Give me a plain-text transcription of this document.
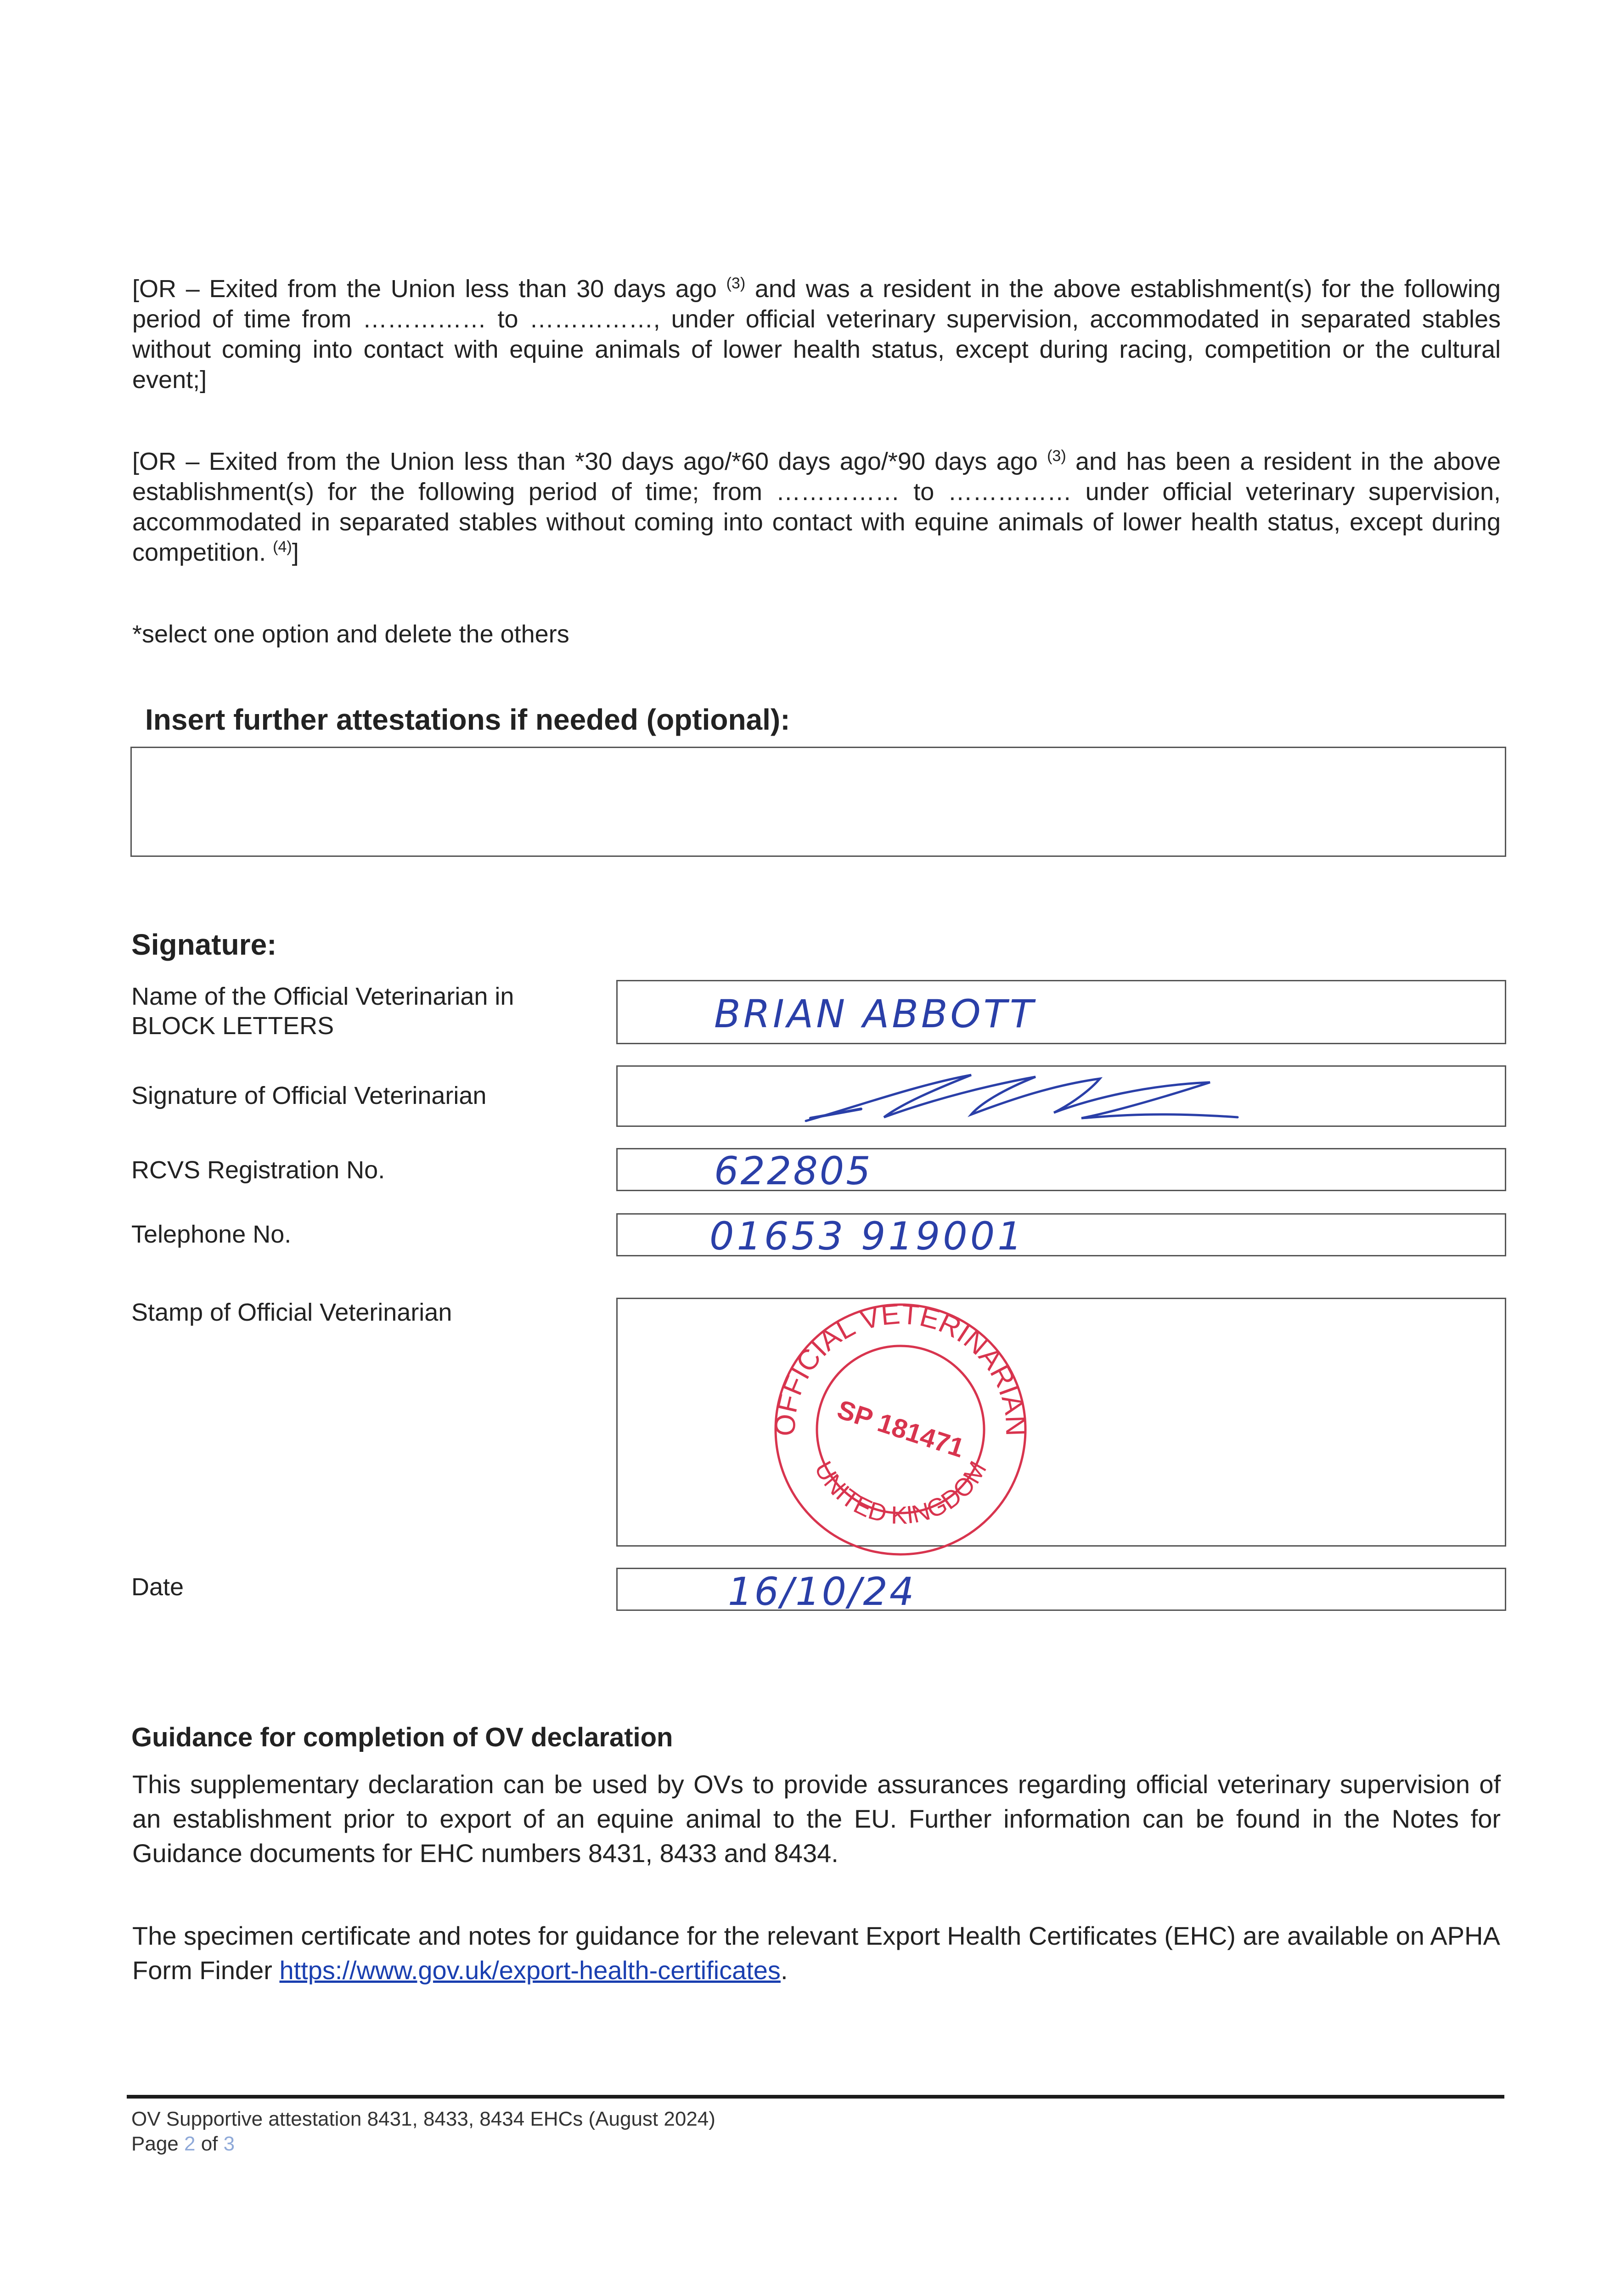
[OR – Exited from the Union less than 30 days ago $^{(3)}$ and was a resident in the above establishment(s) for the following period of time from …………… to ……………, under official veterinary supervision, accommodated in separated stables without coming into contact with equine animals of lower health status, except during racing, competition or the cultural event;]

[OR – Exited from the Union less than *30 days ago/*60 days ago/*90 days ago $^{(3)}$ and has been a resident in the above establishment(s) for the following period of time; from …………… to …………… under official veterinary supervision, accommodated in separated stables without coming into contact with equine animals of lower health status, except during competition. $^{(4)}$]

*select one option and delete the others

Insert further attestations if needed (optional):
Signature:
Name of the Official Veterinarian in BLOCK LETTERS	BRIAN ABBOTT
Signature of Official Veterinarian
RCVS Registration No.	622805
Telephone No.	01653 919001
Stamp of Official Veterinarian
OFFICIAL VETERINARIAN
UNITED KINGDOM
SP 181471
Date	16/10/24
Guidance for completion of OV declaration

This supplementary declaration can be used by OVs to provide assurances regarding official veterinary supervision of an establishment prior to export of an equine animal to the EU. Further information can be found in the Notes for Guidance documents for EHC numbers 8431, 8433 and 8434.

The specimen certificate and notes for guidance for the relevant Export Health Certificates (EHC) are available on APHA Form Finder https://www.gov.uk/export-health-certificates.

OV Supportive attestation 8431, 8433, 8434 EHCs (August 2024)
Page 2 of 3
